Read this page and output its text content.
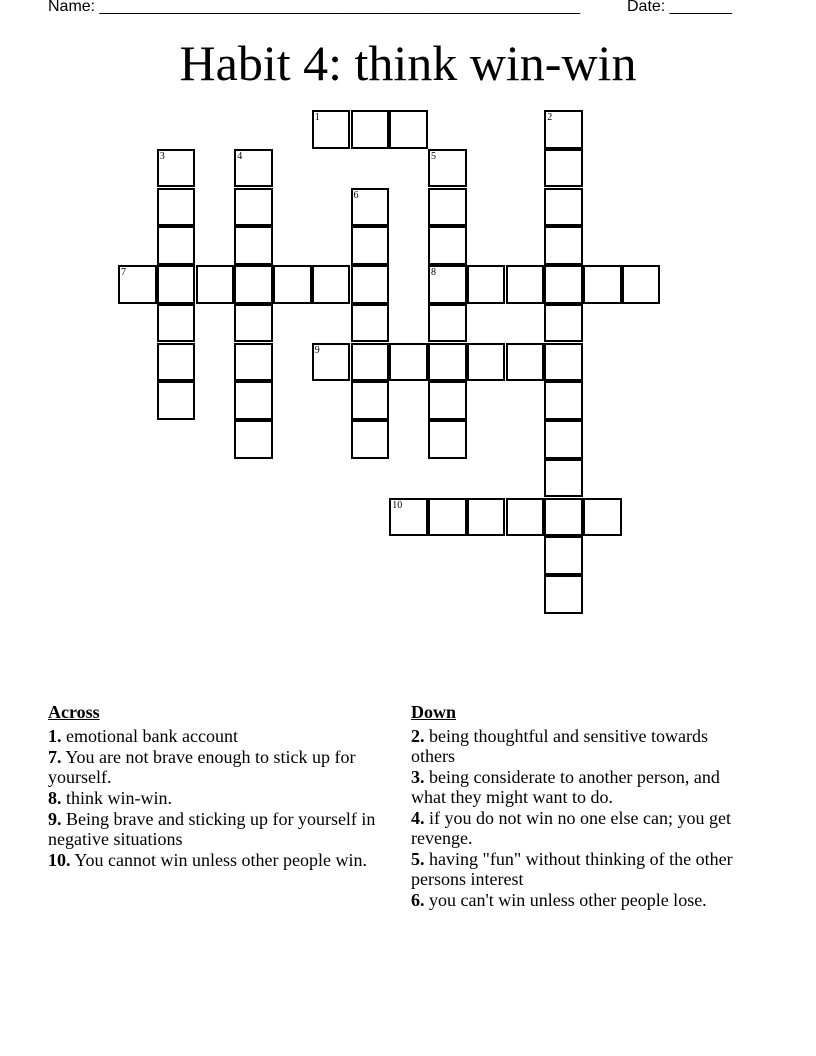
Name: ______________________________________________________	Date: _______
Habit 4: think win-win
1	2
3	4	5
8
6
7
9
10
Across
1. emotional bank account
7. You are not brave enough to stick up for yourself.
8. think win-win.
9. Being brave and sticking up for yourself in negative situations
10. You cannot win unless other people win.
Down
2. being thoughtful and sensitive towards others
3. being considerate to another person, and what they might want to do.
4. if you do not win no one else can; you get revenge.
5. having "fun" without thinking of the other persons interest
6. you can't win unless other people lose.
